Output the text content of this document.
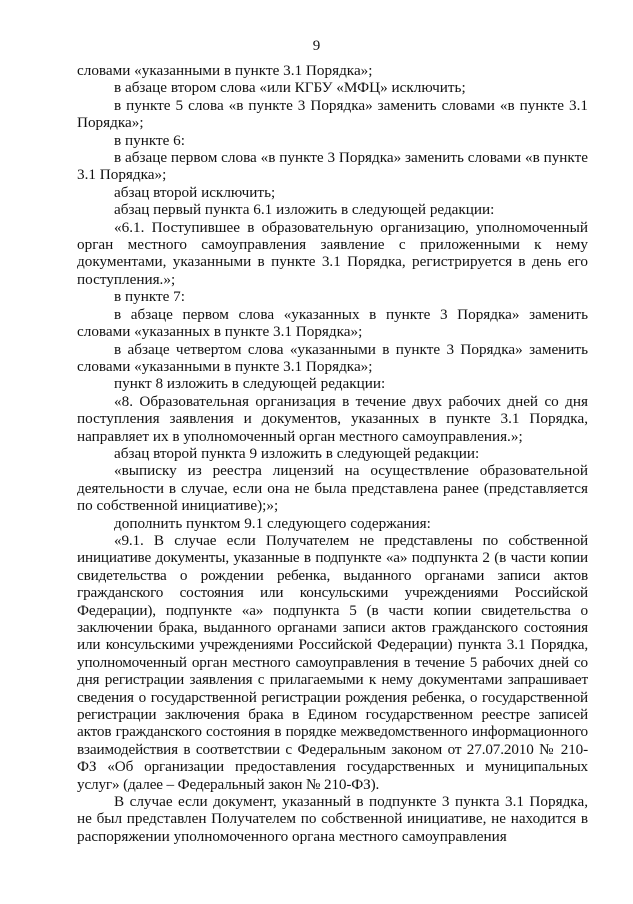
9

словами «указанными в пункте 3.1 Порядка»;

в абзаце втором слова «или КГБУ «МФЦ» исключить;

в пункте 5 слова «в пункте 3 Порядка» заменить словами «в пункте 3.1 Порядка»;

в пункте 6:

в абзаце первом слова «в пункте 3 Порядка» заменить словами «в пункте 3.1 Порядка»;

абзац второй исключить;

абзац первый пункта 6.1 изложить в следующей редакции:

«6.1. Поступившее в образовательную организацию, уполномоченный орган местного самоуправления заявление с приложенными к нему документами, указанными в пункте 3.1 Порядка, регистрируется в день его поступления.»;

в пункте 7:

в абзаце первом слова «указанных в пункте 3 Порядка» заменить словами «указанных в пункте 3.1 Порядка»;

в абзаце четвертом слова «указанными в пункте 3 Порядка» заменить словами «указанными в пункте 3.1 Порядка»;

пункт 8 изложить в следующей редакции:

«8. Образовательная организация в течение двух рабочих дней со дня поступления заявления и документов, указанных в пункте 3.1 Порядка, направляет их в уполномоченный орган местного самоуправления.»;

абзац второй пункта 9 изложить в следующей редакции:

«выписку из реестра лицензий на осуществление образовательной деятельности в случае, если она не была представлена ранее (представляется по собственной инициативе);»;

дополнить пунктом 9.1 следующего содержания:

«9.1. В случае если Получателем не представлены по собственной инициативе документы, указанные в подпункте «а» подпункта 2 (в части копии свидетельства о рождении ребенка, выданного органами записи актов гражданского состояния или консульскими учреждениями Российской Федерации), подпункте «а» подпункта 5 (в части копии свидетельства о заключении брака, выданного органами записи актов гражданского состояния или консульскими учреждениями Российской Федерации) пункта 3.1 Порядка, уполномоченный орган местного самоуправления в течение 5 рабочих дней со дня регистрации заявления с прилагаемыми к нему документами запрашивает сведения о государственной регистрации рождения ребенка, о государственной регистрации заключения брака в Едином государственном реестре записей актов гражданского состояния в порядке межведомственного информационного взаимодействия в соответствии с Федеральным законом от 27.07.2010 № 210-ФЗ «Об организации предоставления государственных и муниципальных услуг» (далее – Федеральный закон № 210-ФЗ).

В случае если документ, указанный в подпункте 3 пункта 3.1 Порядка, не был представлен Получателем по собственной инициативе, не находится в распоряжении уполномоченного органа местного самоуправления
